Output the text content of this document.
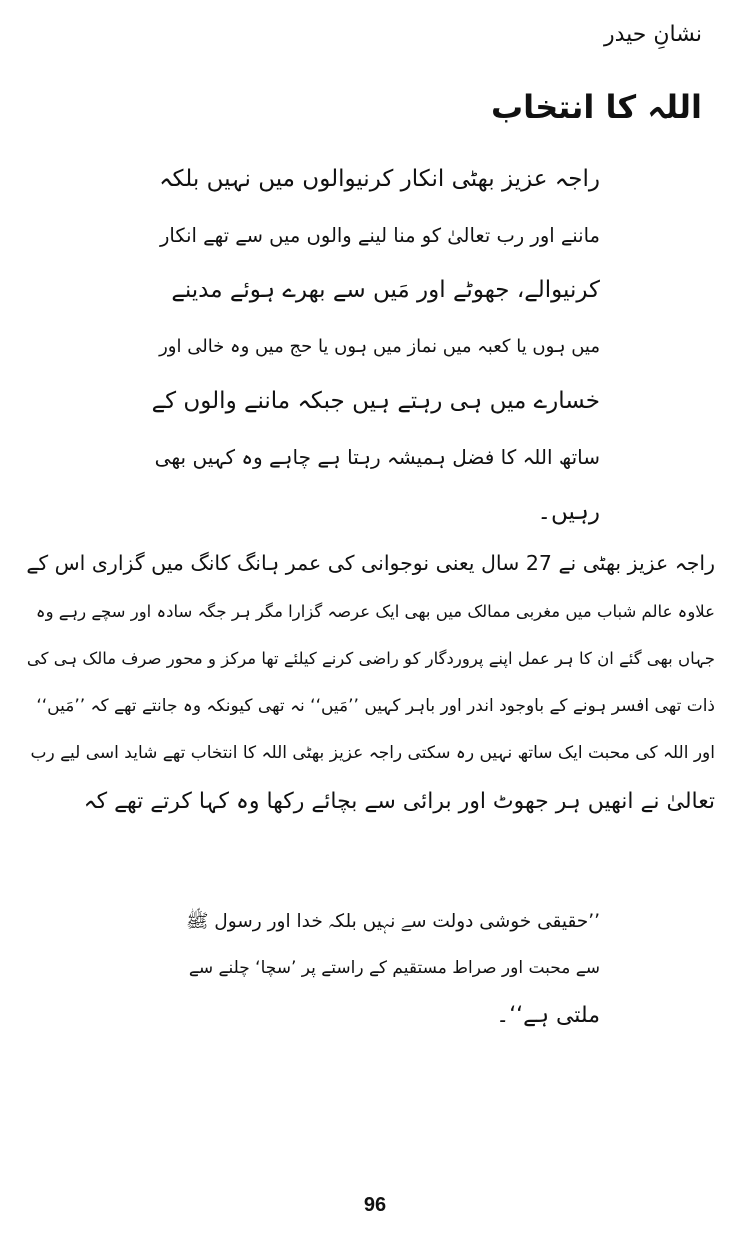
نشانِ حیدر
اللہ کا انتخاب
راجہ عزیز بھٹی انکار کرنیوالوں میں نہیں بلکہ
ماننے اور رب تعالیٰ کو منا لینے والوں میں سے تھے انکار
کرنیوالے، جھوٹے اور مَیں سے بھرے ہوئے مدینے
میں ہوں یا کعبہ میں نماز میں ہوں یا حج میں وہ خالی اور
خسارے میں ہی رہتے ہیں جبکہ ماننے والوں کے
ساتھ اللہ کا فضل ہمیشہ رہتا ہے چاہے وہ کہیں بھی
رہیں۔
راجہ عزیز بھٹی نے 27 سال یعنی نوجوانی کی عمر ہانگ کانگ میں گزاری اس کے
علاوہ عالم شباب میں مغربی ممالک میں بھی ایک عرصہ گزارا مگر ہر جگہ سادہ اور سچے رہے وہ
جہاں بھی گئے ان کا ہر عمل اپنے پروردگار کو راضی کرنے کیلئے تھا مرکز و محور صرف مالک ہی کی
ذات تھی افسر ہونے کے باوجود اندر اور باہر کہیں ’’مَیں‘‘ نہ تھی کیونکہ وہ جانتے تھے کہ ’’مَیں‘‘
اور اللہ کی محبت ایک ساتھ نہیں رہ سکتی راجہ عزیز بھٹی اللہ کا انتخاب تھے شاید اسی لیے رب
تعالیٰ نے انھیں ہر جھوٹ اور برائی سے بچائے رکھا وہ کہا کرتے تھے کہ
’’حقیقی خوشی دولت سے نہیں بلکہ خدا اور رسول ﷺ
سے محبت اور صراط مستقیم کے راستے پر ’سچا‘ چلنے سے
ملتی ہے‘‘۔
96
